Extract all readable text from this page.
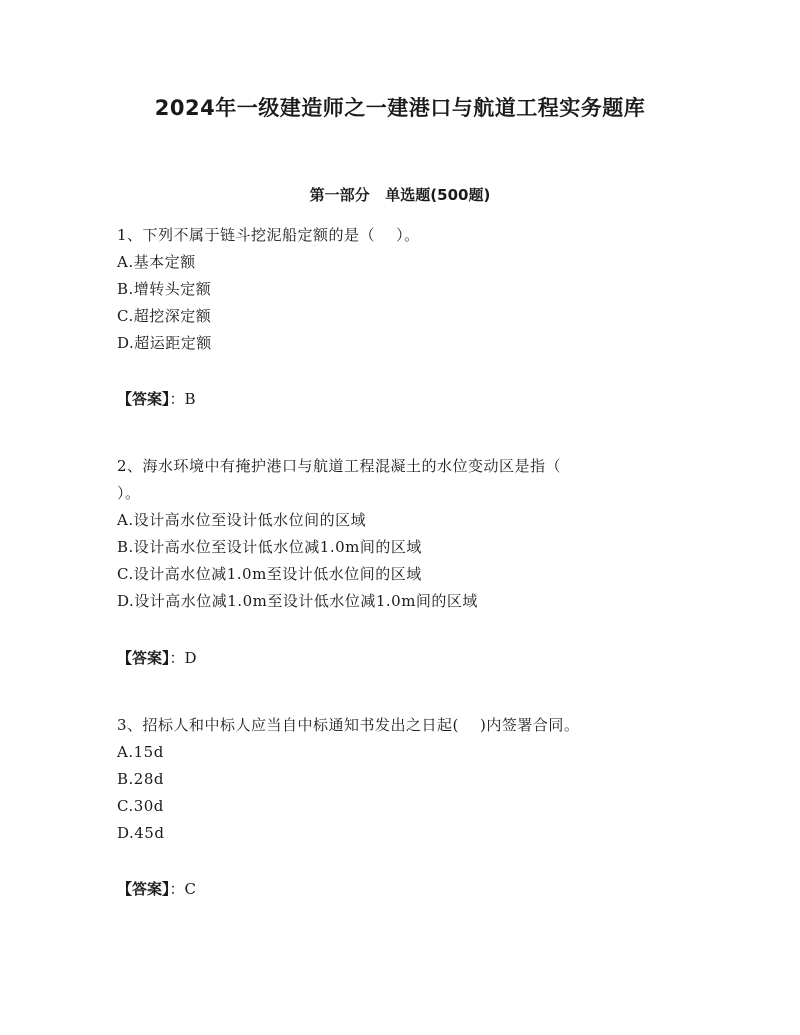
2024年一级建造师之一建港口与航道工程实务题库
第一部分   单选题(500题)
1、下列不属于链斗挖泥船定额的是（    ）。
A.基本定额
B.增转头定额
C.超挖深定额
D.超运距定额
【答案】：B
2、海水环境中有掩护港口与航道工程混凝土的水位变动区是指（
）。
A.设计高水位至设计低水位间的区域
B.设计高水位至设计低水位减1.0m间的区域
C.设计高水位减1.0m至设计低水位间的区域
D.设计高水位减1.0m至设计低水位减1.0m间的区域
【答案】：D
3、招标人和中标人应当自中标通知书发出之日起(    )内签署合同。
A.15d
B.28d
C.30d
D.45d
【答案】：C
